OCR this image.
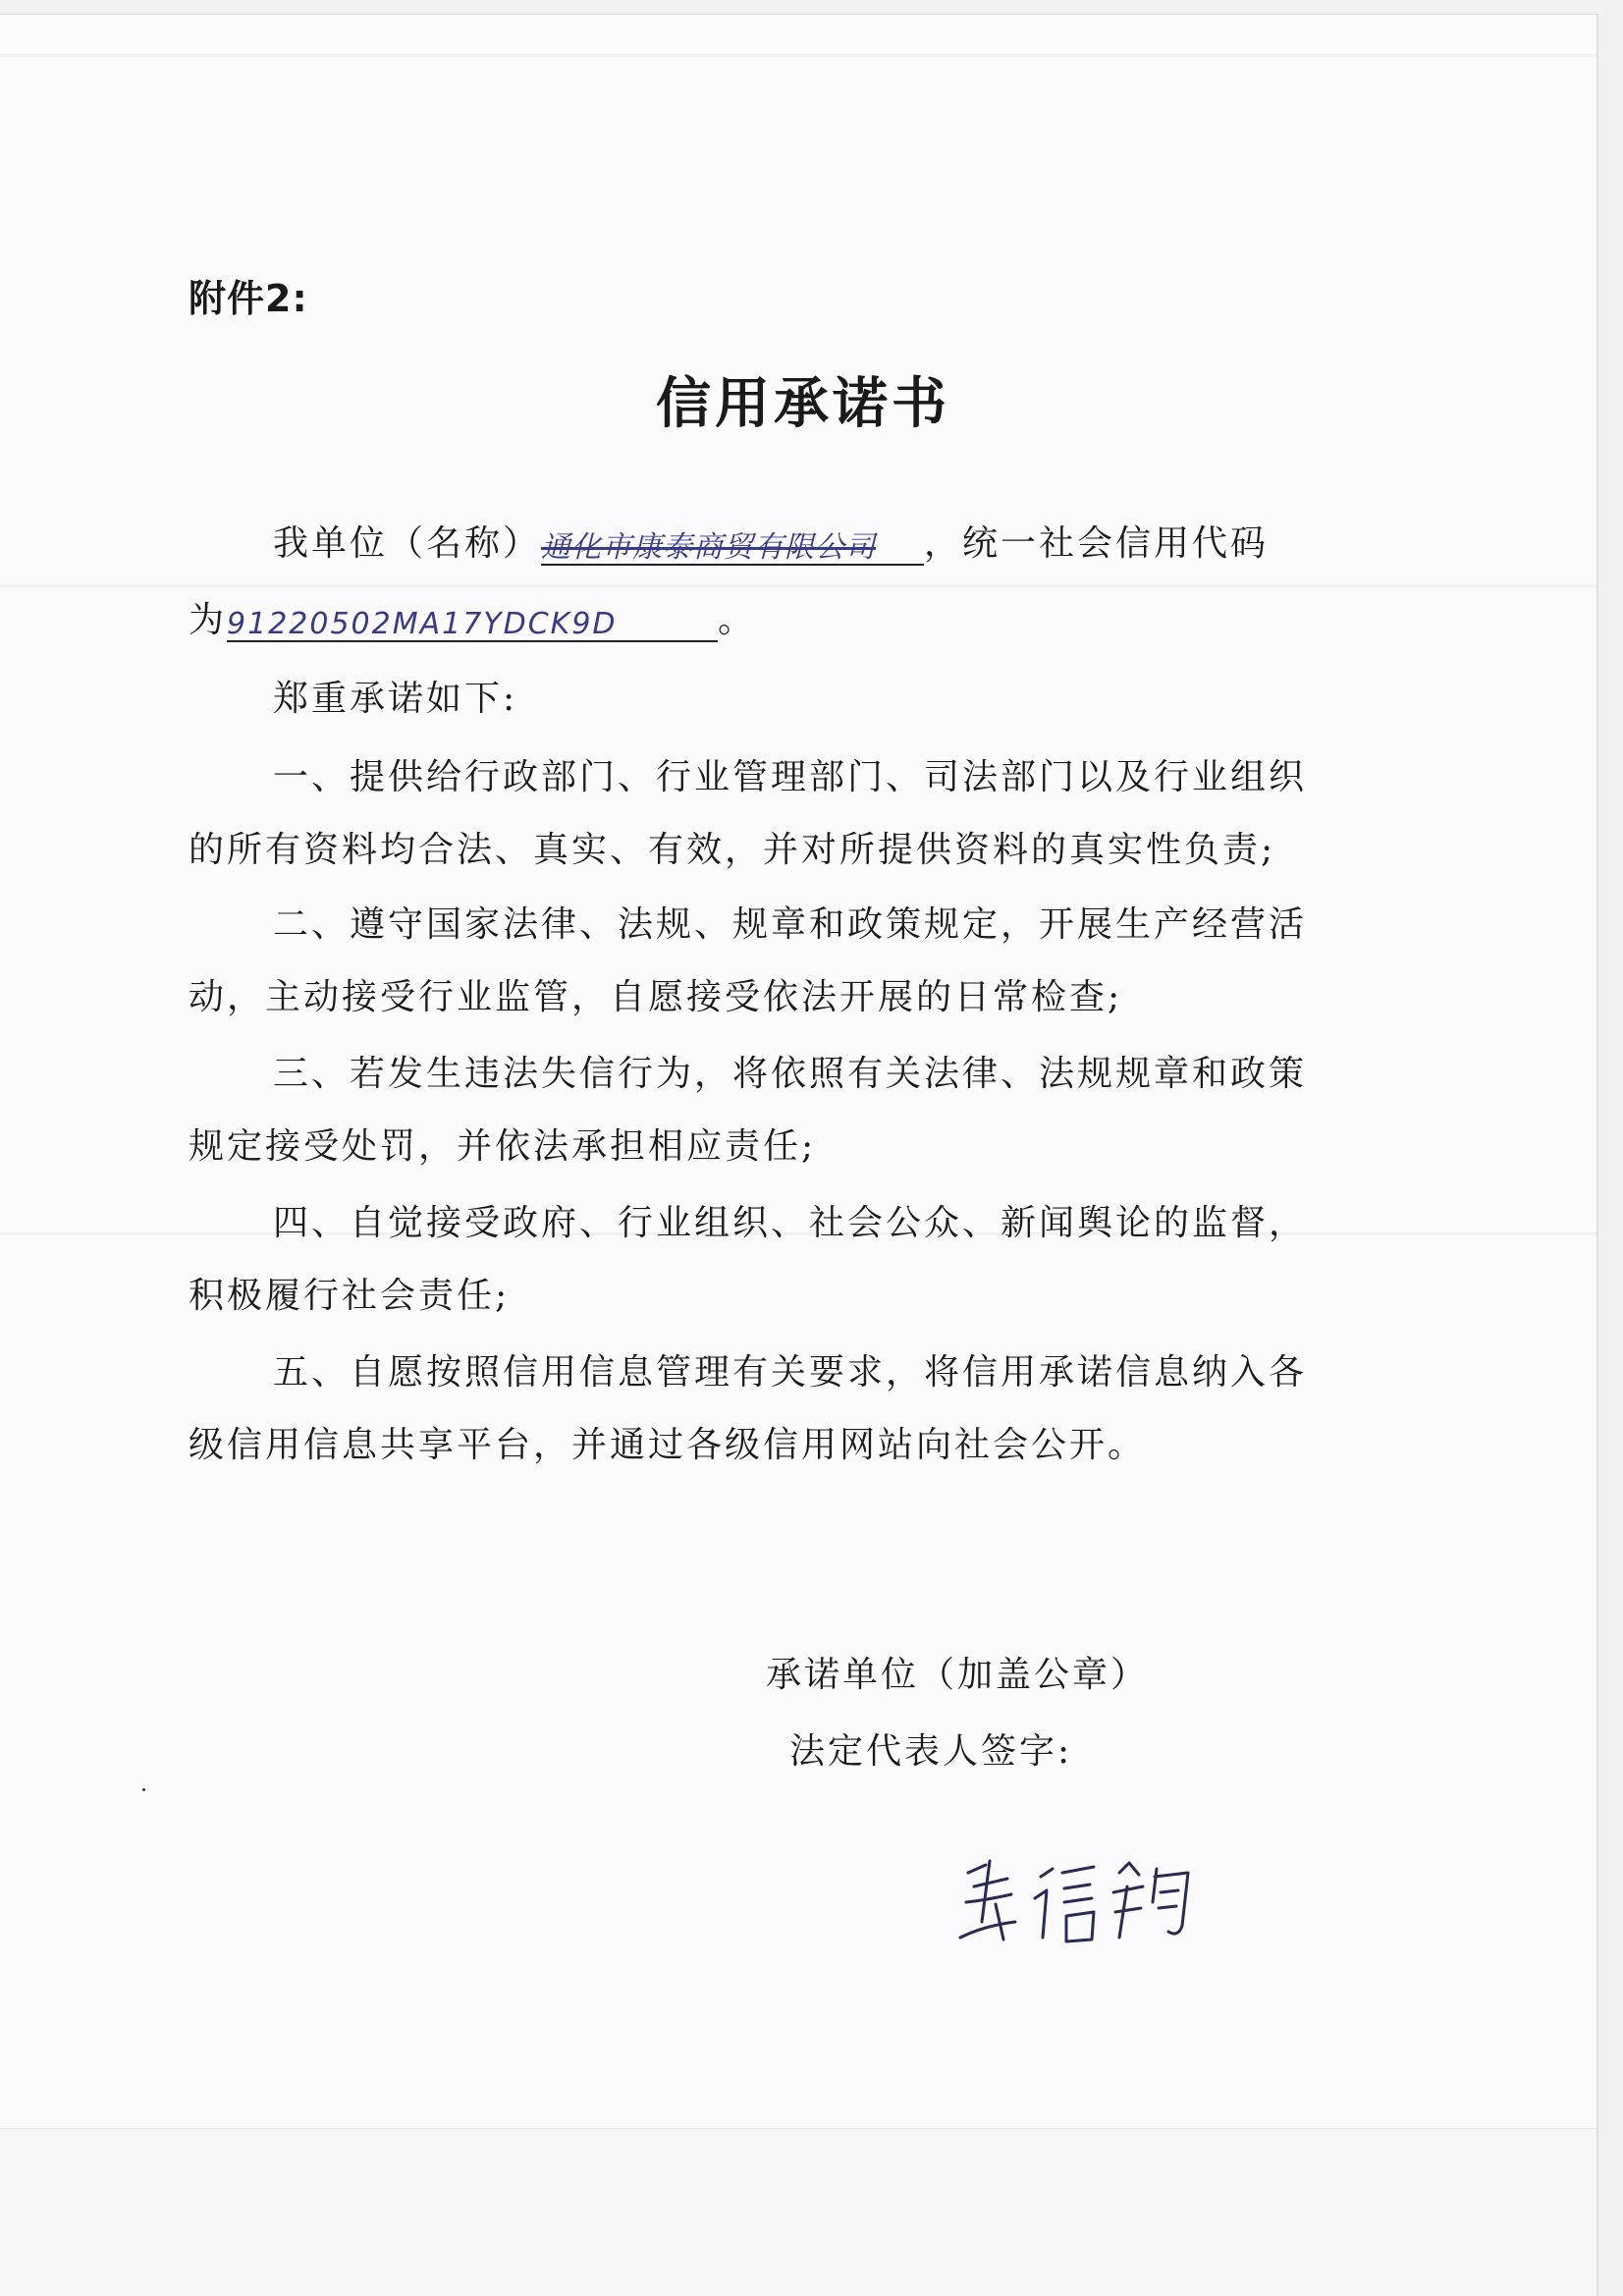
附件2:
信用承诺书
我单位（名称）通化市康泰商贸有限公司 ，统一社会信用代码
为91220502MA17YDCK9D	。
郑重承诺如下:
一、提供给行政部门、行业管理部门、司法部门以及行业组织
的所有资料均合法、真实、有效，并对所提供资料的真实性负责;
二、遵守国家法律、法规、规章和政策规定，开展生产经营活
动，主动接受行业监管，自愿接受依法开展的日常检查;
三、若发生违法失信行为，将依照有关法律、法规规章和政策
规定接受处罚，并依法承担相应责任;
四、自觉接受政府、行业组织、社会公众、新闻舆论的监督，
积极履行社会责任;
五、自愿按照信用信息管理有关要求，将信用承诺信息纳入各
级信用信息共享平台，并通过各级信用网站向社会公开。
承诺单位（加盖公章）
法定代表人签字:
